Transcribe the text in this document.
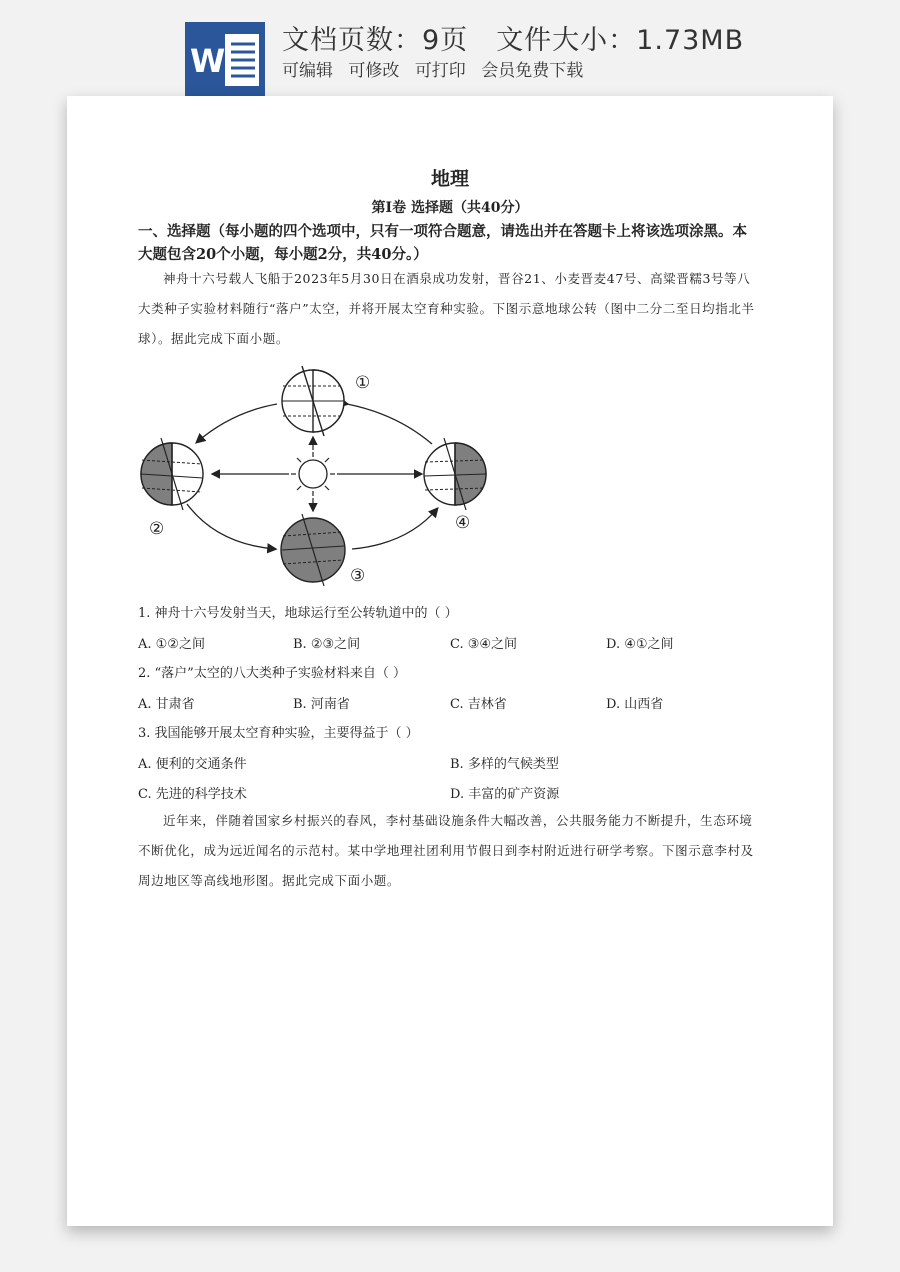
W
文档页数：9页 文件大小：1.73MB
可编辑 可修改 可打印 会员免费下载
地理
第Ⅰ卷 选择题（共40分）
一、选择题（每小题的四个选项中，只有一项符合题意，请选出并在答题卡上将该选项涂黑。本大题包含20个小题，每小题2分，共40分。）
神舟十六号载人飞船于2023年5月30日在酒泉成功发射，晋谷21、小麦晋麦47号、高粱晋糯3号等八大类种子实验材料随行“落户”太空，并将开展太空育种实验。下图示意地球公转（图中二分二至日均指北半球）。据此完成下面小题。
①
②
③
④
1. 神舟十六号发射当天，地球运行至公转轨道中的（ ）
A. ①②之间	B. ②③之间	C. ③④之间	D. ④①之间
2. “落户”太空的八大类种子实验材料来自（ ）
A. 甘肃省	B. 河南省	C. 吉林省	D. 山西省
3. 我国能够开展太空育种实验，主要得益于（ ）
A. 便利的交通条件	B. 多样的气候类型
C. 先进的科学技术	D. 丰富的矿产资源
近年来，伴随着国家乡村振兴的春风，李村基础设施条件大幅改善，公共服务能力不断提升，生态环境不断优化，成为远近闻名的示范村。某中学地理社团利用节假日到李村附近进行研学考察。下图示意李村及周边地区等高线地形图。据此完成下面小题。
